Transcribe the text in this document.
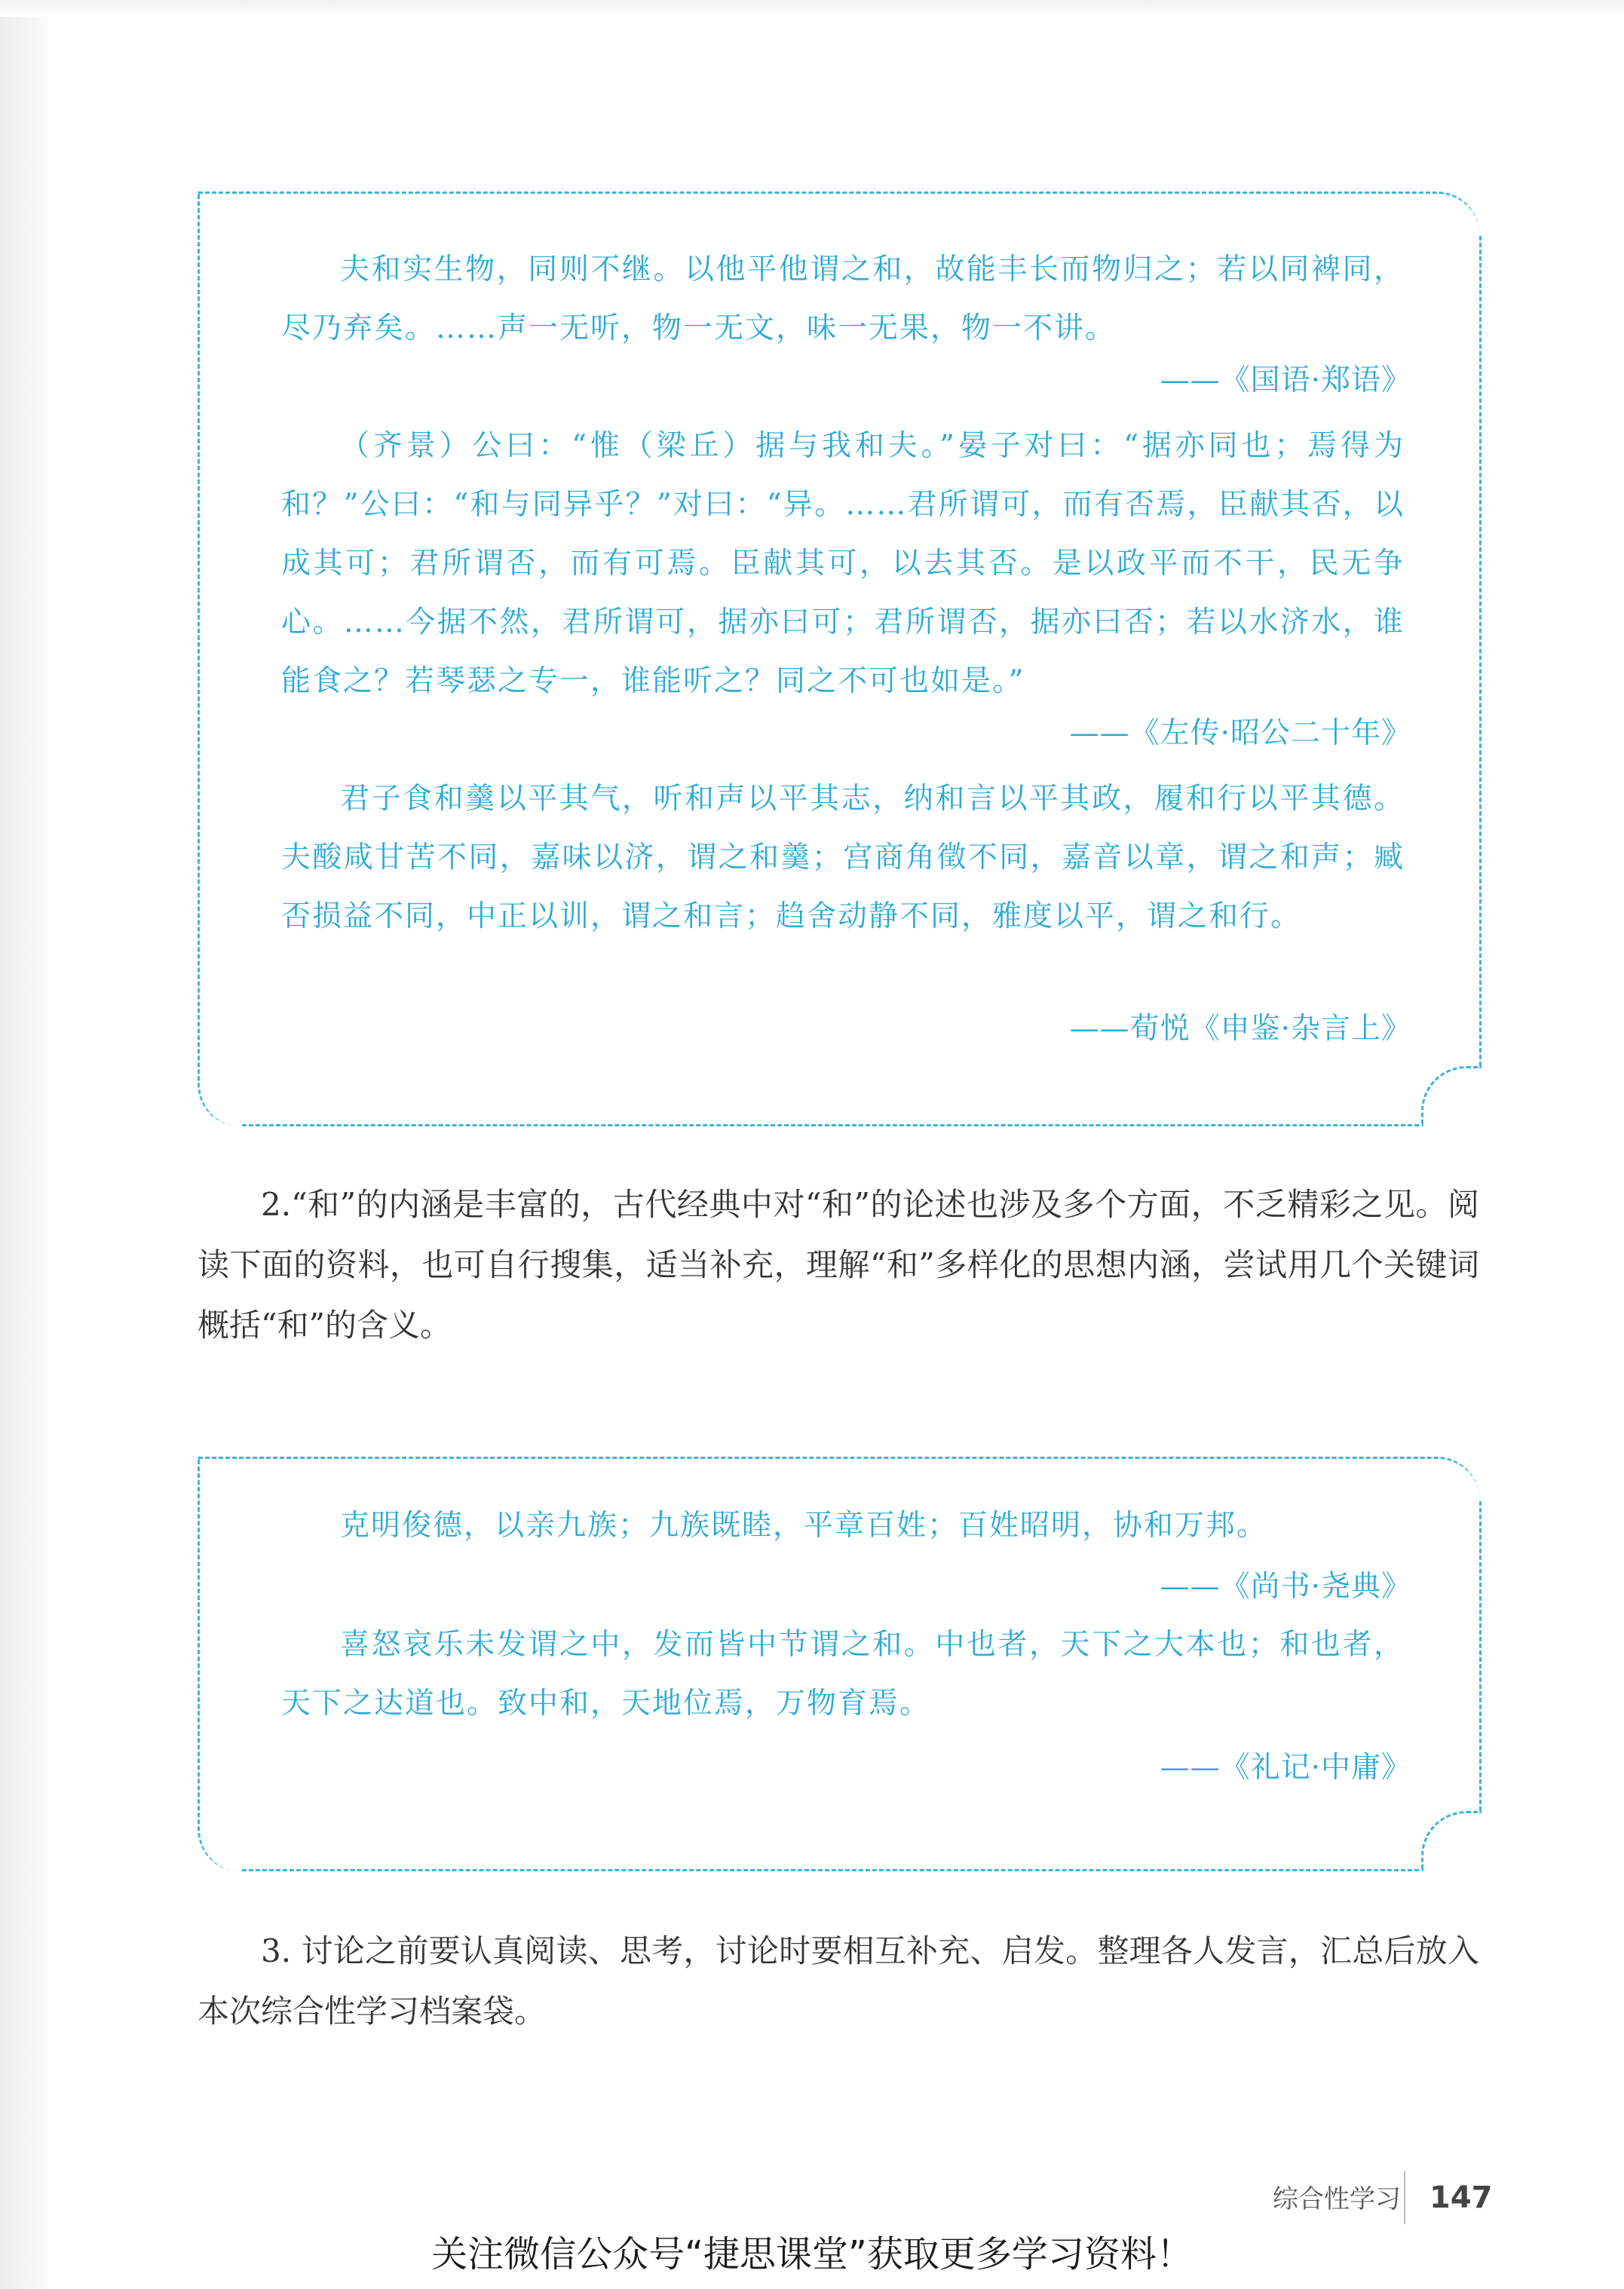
夫和实生物，同则不继。以他平他谓之和，故能丰长而物归之；若以同裨同，尽乃弃矣。……声一无听，物一无文，味一无果，物一不讲。

——《国语·郑语》

（齐景）公曰：“惟（梁丘）据与我和夫。”晏子对曰：“据亦同也；焉得为和？”公曰：“和与同异乎？”对曰：“异。……君所谓可，而有否焉，臣献其否，以成其可；君所谓否，而有可焉。臣献其可，以去其否。是以政平而不干，民无争心。……今据不然，君所谓可，据亦曰可；君所谓否，据亦曰否；若以水济水，谁能食之？若琴瑟之专一，谁能听之？同之不可也如是。”

——《左传·昭公二十年》

君子食和羹以平其气，听和声以平其志，纳和言以平其政，履和行以平其德。夫酸咸甘苦不同，嘉味以济，谓之和羹；宫商角徵不同，嘉音以章，谓之和声；臧否损益不同，中正以训，谓之和言；趋舍动静不同，雅度以平，谓之和行。

——荀悦《申鉴·杂言上》

2.“和”的内涵是丰富的，古代经典中对“和”的论述也涉及多个方面，不乏精彩之见。阅读下面的资料，也可自行搜集，适当补充，理解“和”多样化的思想内涵，尝试用几个关键词概括“和”的含义。

克明俊德，以亲九族；九族既睦，平章百姓；百姓昭明，协和万邦。

——《尚书·尧典》

喜怒哀乐未发谓之中，发而皆中节谓之和。中也者，天下之大本也；和也者，天下之达道也。致中和，天地位焉，万物育焉。

——《礼记·中庸》

3. 讨论之前要认真阅读、思考，讨论时要相互补充、启发。整理各人发言，汇总后放入本次综合性学习档案袋。

综合性学习 147
关注微信公众号“捷思课堂”获取更多学习资料！
